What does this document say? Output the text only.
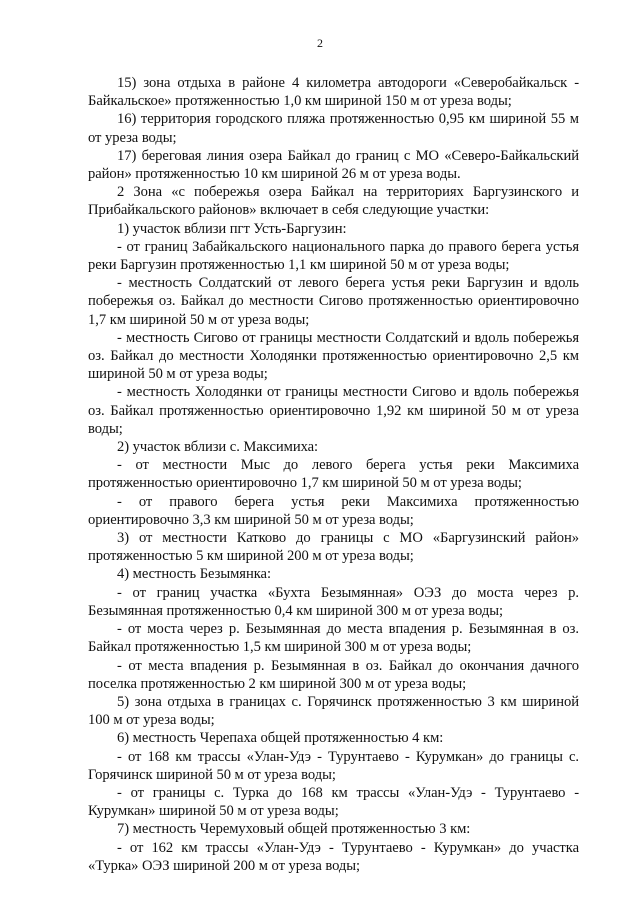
2

15) зона отдыха в районе 4 километра автодороги «Северобайкальск - Байкальское» протяженностью 1,0 км шириной 150 м от уреза воды;

16) территория городского пляжа протяженностью 0,95 км шириной 55 м от уреза воды;

17) береговая линия озера Байкал до границ с МО «Северо-Байкальский район» протяженностью 10 км шириной 26 м от уреза воды.

2 Зона «с побережья озера Байкал на территориях Баргузинского и Прибайкальского районов» включает в себя следующие участки:

1) участок вблизи пгт Усть-Баргузин:

- от границ Забайкальского национального парка до правого берега устья реки Баргузин протяженностью 1,1 км шириной 50 м от уреза воды;

- местность Солдатский от левого берега устья реки Баргузин и вдоль побережья оз. Байкал до местности Сигово протяженностью ориентировочно 1,7 км шириной 50 м от уреза воды;

- местность Сигово от границы местности Солдатский и вдоль побережья оз. Байкал до местности Холодянки протяженностью ориентировочно 2,5 км шириной 50 м от уреза воды;

- местность Холодянки от границы местности Сигово и вдоль побережья оз. Байкал протяженностью ориентировочно 1,92 км шириной 50 м от уреза воды;

2) участок вблизи с. Максимиха:

- от местности Мыс до левого берега устья реки Максимиха протяженностью ориентировочно 1,7 км шириной 50 м от уреза воды;

- от правого берега устья реки Максимиха протяженностью ориентировочно 3,3 км шириной 50 м от уреза воды;

3) от местности Катково до границы с МО «Баргузинский район» протяженностью 5 км шириной 200 м от уреза воды;

4) местность Безымянка:

- от границ участка «Бухта Безымянная» ОЭЗ до моста через р. Безымянная протяженностью 0,4 км шириной 300 м от уреза воды;

- от моста через р. Безымянная до места впадения р. Безымянная в оз. Байкал протяженностью 1,5 км шириной 300 м от уреза воды;

- от места впадения р. Безымянная в оз. Байкал до окончания дачного поселка протяженностью 2 км шириной 300 м от уреза воды;

5) зона отдыха в границах с. Горячинск протяженностью 3 км шириной 100 м от уреза воды;

6) местность Черепаха общей протяженностью 4 км:

- от 168 км трассы «Улан-Удэ - Турунтаево - Курумкан» до границы с. Горячинск шириной 50 м от уреза воды;

- от границы с. Турка до 168 км трассы «Улан-Удэ - Турунтаево - Курумкан» шириной 50 м от уреза воды;

7) местность Черемуховый общей протяженностью 3 км:

- от 162 км трассы «Улан-Удэ - Турунтаево - Курумкан» до участка «Турка» ОЭЗ шириной 200 м от уреза воды;
